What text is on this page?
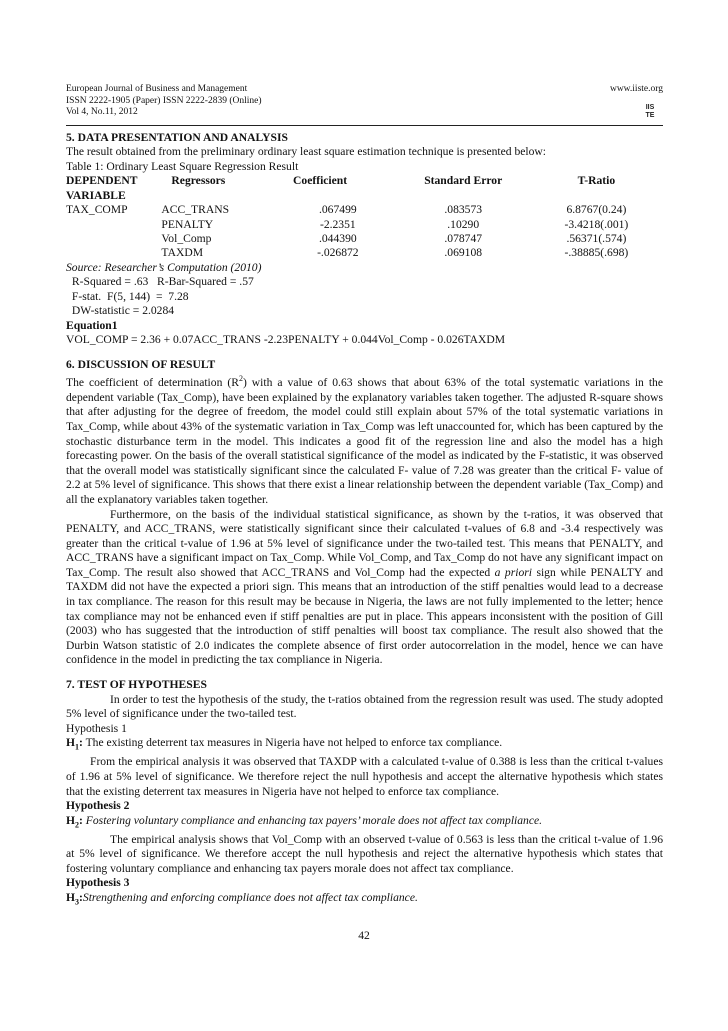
European Journal of Business and Management
ISSN 2222-1905 (Paper) ISSN 2222-2839 (Online)
Vol 4, No.11, 2012
www.iiste.org
IIS
TE

5. DATA PRESENTATION AND ANALYSIS

The result obtained from the preliminary ordinary least square estimation technique is presented below:

Table 1: Ordinary Least Square Regression Result

DEPENDENT	Regressors	Coefficient	Standard Error	T-Ratio
VARIABLE				
TAX_COMP	ACC_TRANS	.067499	.083573	6.8767(0.24)
	PENALTY	-2.2351	.10290	-3.4218(.001)
	Vol_Comp	.044390	.078747	.56371(.574)
	TAXDM	-.026872	.069108	-.38885(.698)

Source: Researcher’s Computation (2010)

R-Squared = .63   R-Bar-Squared = .57

F-stat.  F(5, 144)  =  7.28

DW-statistic = 2.0284

Equation1

VOL_COMP = 2.36 + 0.07ACC_TRANS -2.23PENALTY + 0.044Vol_Comp - 0.026TAXDM

6. DISCUSSION OF RESULT

The coefficient of determination $(R^2)$ with a value of 0.63 shows that about 63% of the total systematic variations in the dependent variable (Tax_Comp), have been explained by the explanatory variables taken together. The adjusted R-square shows that after adjusting for the degree of freedom, the model could still explain about 57% of the total systematic variations in Tax_Comp, while about 43% of the systematic variation in Tax_Comp was left unaccounted for, which has been captured by the stochastic disturbance term in the model. This indicates a good fit of the regression line and also the model has a high forecasting power. On the basis of the overall statistical significance of the model as indicated by the F-statistic, it was observed that the overall model was statistically significant since the calculated F- value of 7.28 was greater than the critical F- value of 2.2 at 5% level of significance. This shows that there exist a linear relationship between the dependent variable (Tax_Comp) and all the explanatory variables taken together.

Furthermore, on the basis of the individual statistical significance, as shown by the t-ratios, it was observed that PENALTY, and ACC_TRANS, were statistically significant since their calculated t-values of 6.8 and -3.4 respectively was greater than the critical t-value of 1.96 at 5% level of significance under the two-tailed test. This means that PENALTY, and ACC_TRANS have a significant impact on Tax_Comp. While Vol_Comp, and Tax_Comp do not have any significant impact on Tax_Comp. The result also showed that ACC_TRANS and Vol_Comp had the expected a priori sign while PENALTY and TAXDM did not have the expected a priori sign. This means that an introduction of the stiff penalties would lead to a decrease in tax compliance. The reason for this result may be because in Nigeria, the laws are not fully implemented to the letter; hence tax compliance may not be enhanced even if stiff penalties are put in place. This appears inconsistent with the position of Gill (2003) who has suggested that the introduction of stiff penalties will boost tax compliance. The result also showed that the Durbin Watson statistic of 2.0 indicates the complete absence of first order autocorrelation in the model, hence we can have confidence in the model in predicting the tax compliance in Nigeria.

7. TEST OF HYPOTHESES

In order to test the hypothesis of the study, the t-ratios obtained from the regression result was used. The study adopted 5% level of significance under the two-tailed test.

Hypothesis 1

$H_1$: The existing deterrent tax measures in Nigeria have not helped to enforce tax compliance.

From the empirical analysis it was observed that TAXDP with a calculated t-value of 0.388 is less than the critical t-values of 1.96 at 5% level of significance. We therefore reject the null hypothesis and accept the alternative hypothesis which states that the existing deterrent tax measures in Nigeria have not helped to enforce tax compliance.

Hypothesis 2

$H_2$: Fostering voluntary compliance and enhancing tax payers’ morale does not affect tax compliance.

The empirical analysis shows that Vol_Comp with an observed t-value of 0.563 is less than the critical t-value of 1.96 at 5% level of significance. We therefore accept the null hypothesis and reject the alternative hypothesis which states that fostering voluntary compliance and enhancing tax payers morale does not affect tax compliance.

Hypothesis 3

$H_3:Strengthening$ and enforcing compliance does not affect tax compliance.

42
